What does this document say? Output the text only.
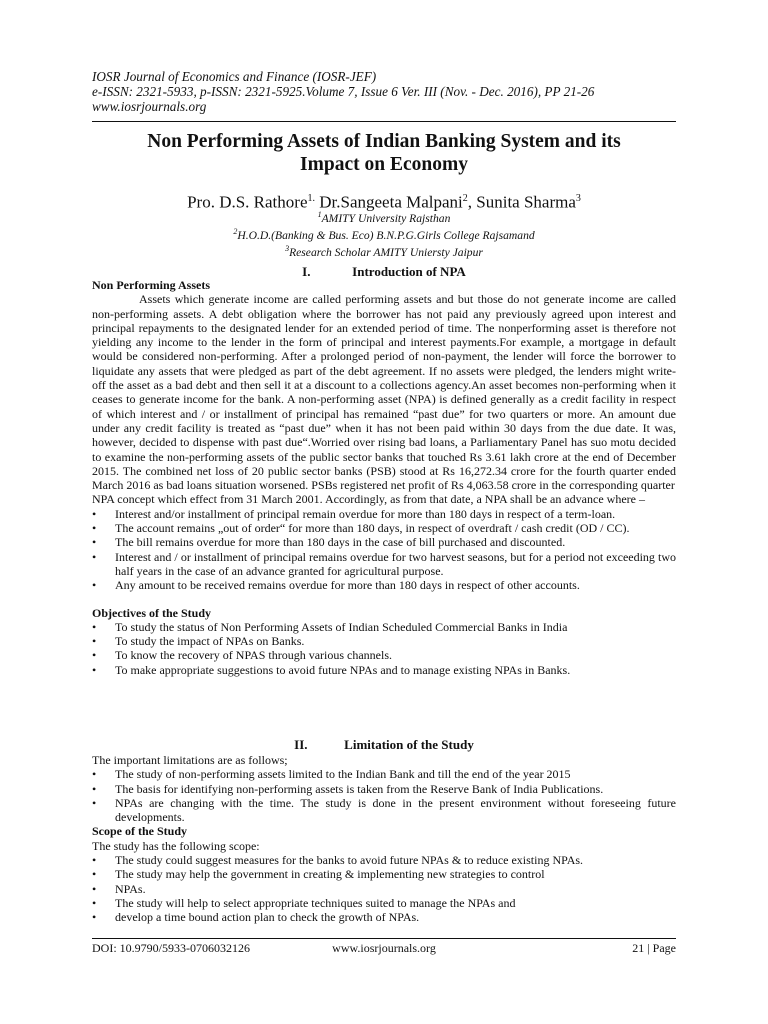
IOSR Journal of Economics and Finance (IOSR-JEF)
e-ISSN: 2321-5933, p-ISSN: 2321-5925.Volume 7, Issue 6 Ver. III (Nov. - Dec. 2016), PP 21-26
www.iosrjournals.org
Non Performing Assets of Indian Banking System and its
Impact on Economy
Pro. D.S. Rathore$^{1.}$ Dr.Sangeeta Malpani$^2$, Sunita Sharma$^3$
$^1$AMITY University Rajsthan
$^2$H.O.D.(Banking & Bus. Eco) B.N.P.G.Girls College Rajsamand
$^3$Research Scholar AMITY Uniersty Jaipur
I.	Introduction of NPA
Non Performing Assets

Assets which generate income are called performing assets and but those do not generate income are called non-performing assets. A debt obligation where the borrower has not paid any previously agreed upon interest and principal repayments to the designated lender for an extended period of time. The nonperforming asset is therefore not yielding any income to the lender in the form of principal and interest payments.For example, a mortgage in default would be considered non-performing. After a prolonged period of non-payment, the lender will force the borrower to liquidate any assets that were pledged as part of the debt agreement. If no assets were pledged, the lenders might write-off the asset as a bad debt and then sell it at a discount to a collections agency.An asset becomes non-performing when it ceases to generate income for the bank. A non-performing asset (NPA) is defined generally as a credit facility in respect of which interest and / or installment of principal has remained “past due” for two quarters or more. An amount due under any credit facility is treated as “past due” when it has not been paid within 30 days from the due date. It was, however, decided to dispense with past due“.Worried over rising bad loans, a Parliamentary Panel has suo motu decided to examine the non-performing assets of the public sector banks that touched Rs 3.61 lakh crore at the end of December 2015. The combined net loss of 20 public sector banks (PSB) stood at Rs 16,272.34 crore for the fourth quarter ended March 2016 as bad loans situation worsened. PSBs registered net profit of Rs 4,063.58 crore in the corresponding quarter

NPA concept which effect from 31 March 2001. Accordingly, as from that date, a NPA shall be an advance where –

• Interest and/or installment of principal remain overdue for more than 180 days in respect of a term-loan.
• The account remains „out of order“ for more than 180 days, in respect of overdraft / cash credit (OD / CC).
• The bill remains overdue for more than 180 days in the case of bill purchased and discounted.
• Interest and / or installment of principal remains overdue for two harvest seasons, but for a period not exceeding two half years in the case of an advance granted for agricultural purpose.
• Any amount to be received remains overdue for more than 180 days in respect of other accounts.
Objectives of the Study
• To study the status of Non Performing Assets of Indian Scheduled Commercial Banks in India
• To study the impact of NPAs on Banks.
• To know the recovery of NPAS through various channels.
• To make appropriate suggestions to avoid future NPAs and to manage existing NPAs in Banks.
II.	Limitation of the Study

The important limitations are as follows;

• The study of non-performing assets limited to the Indian Bank and till the end of the year 2015
• The basis for identifying non-performing assets is taken from the Reserve Bank of India Publications.
• NPAs are changing with the time. The study is done in the present environment without foreseeing future developments.
Scope of the Study

The study has the following scope:

• The study could suggest measures for the banks to avoid future NPAs & to reduce existing NPAs.
• The study may help the government in creating & implementing new strategies to control
• NPAs.
• The study will help to select appropriate techniques suited to manage the NPAs and
• develop a time bound action plan to check the growth of NPAs.
DOI: 10.9790/5933-0706032126	www.iosrjournals.org	21 | Page
